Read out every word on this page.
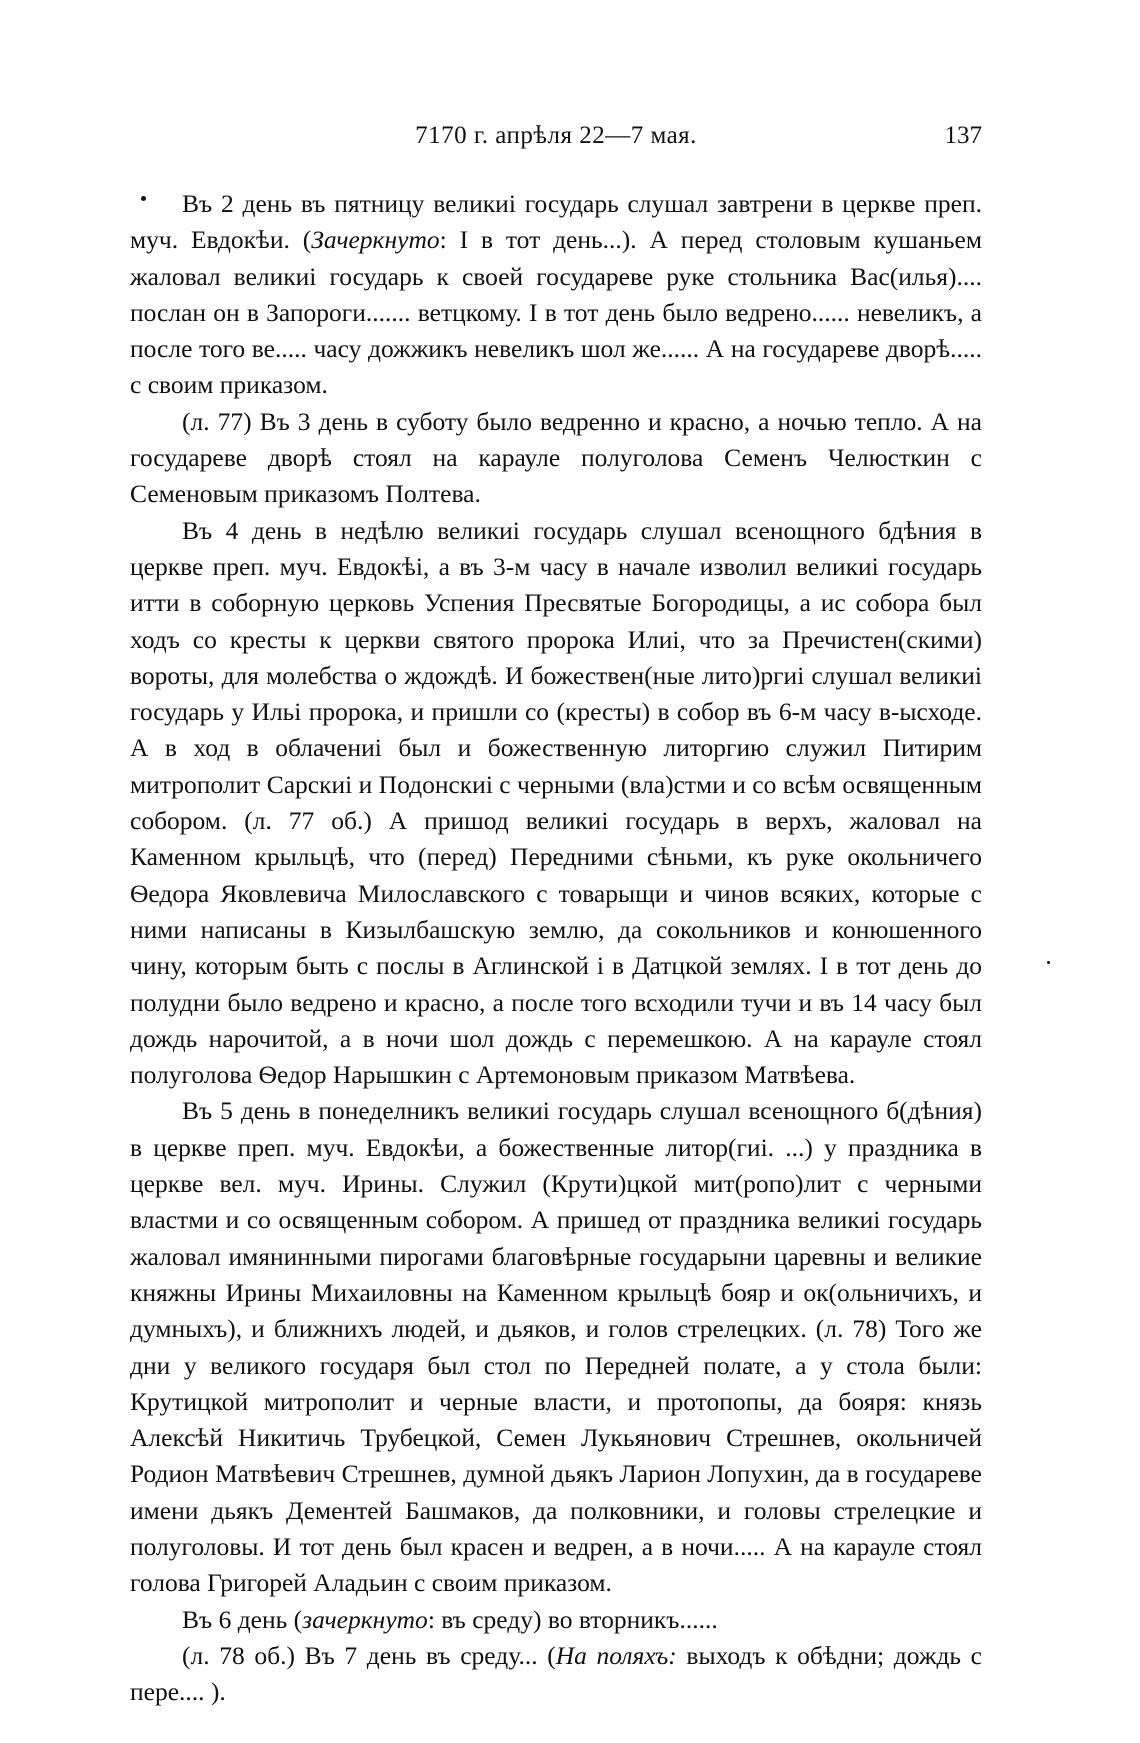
7170 г. апрѣля 22—7 мая.	137

Въ 2 день въ пятницу великиі государь слушал завтрени в церкве преп. муч. Евдокѣи. (Зачеркнуто: I в тот день...). А перед столовым кушаньем жаловал великиі государь к своей государеве руке стольника Вас(илья).... послан он в Запороги....... ветцкому. I в тот день было ведрено...... невеликъ, а после того ве..... часу дожжикъ невеликъ шол же...... А на государеве дворѣ..... с своим приказом.

(л. 77) Въ 3 день в суботу было ведренно и красно, а ночью тепло. А на государеве дворѣ стоял на карауле полуголова Семенъ Челюсткин с Семеновым приказомъ Полтева.

Въ 4 день в недѣлю великиі государь слушал всенощного бдѣния в церкве преп. муч. Евдокѣі, а въ 3-м часу в начале изволил великиі государь итти в соборную церковь Успения Пресвятые Богородицы, а ис собора был ходъ со кресты к церкви святого пророка Илиі, что за Пречистен(скими) вороты, для молебства о ждождѣ. И божествен(ные лито)ргиі слушал великиі государь у Ильі пророка, и пришли со (кресты) в собор въ 6-м часу в-ысходе. А в ход в облачениі был и божественную литоргию служил Питирим митрополит Сарскиі и Подонскиі с черными (вла)стми и со всѣм освященным собором. (л. 77 об.) А пришод великиі государь в верхъ, жаловал на Каменном крыльцѣ, что (перед) Передними сѣньми, къ руке окольничего Ѳедора Яковлевича Милославского с товарыщи и чинов всяких, которые с ними написаны в Кизылбашскую землю, да сокольников и конюшенного чину, которым быть с послы в Аглинской і в Датцкой землях. I в тот день до полудни было ведрено и красно, а после того всходили тучи и въ 14 часу был дождь нарочитой, а в ночи шол дождь с перемешкою. А на карауле стоял полуголова Ѳедор Нарышкин с Артемоновым приказом Матвѣева.

Въ 5 день в понеделникъ великиі государь слушал всенощного б(дѣния) в церкве преп. муч. Евдокѣи, а божественные литор(гиі. ...) у праздника в церкве вел. муч. Ирины. Служил (Крути)цкой мит(ропо)лит с черными властми и со освященным собором. А пришед от праздника великиі государь жаловал имянинными пирогами благовѣрные государыни царевны и великие княжны Ирины Михаиловны на Каменном крыльцѣ бояр и ок(ольничихъ, и думныхъ), и ближнихъ людей, и дьяков, и голов стрелецких. (л. 78) Того же дни у великого государя был стол по Передней полате, а у стола были: Крутицкой митрополит и черные власти, и протопопы, да бояря: князь Алексѣй Никитичь Трубецкой, Семен Лукьянович Стрешнев, окольничей Родион Матвѣевич Стрешнев, думной дьякъ Ларион Лопухин, да в государеве имени дьякъ Дементей Башмаков, да полковники, и головы стрелецкие и полуголовы. И тот день был красен и ведрен, а в ночи..... А на карауле стоял голова Григорей Аладьин с своим приказом.

Въ 6 день (зачеркнуто: въ среду) во вторникъ......

(л. 78 об.) Въ 7 день въ среду... (На поляхъ: выходъ к обѣдни; дождь с пере.... ).
